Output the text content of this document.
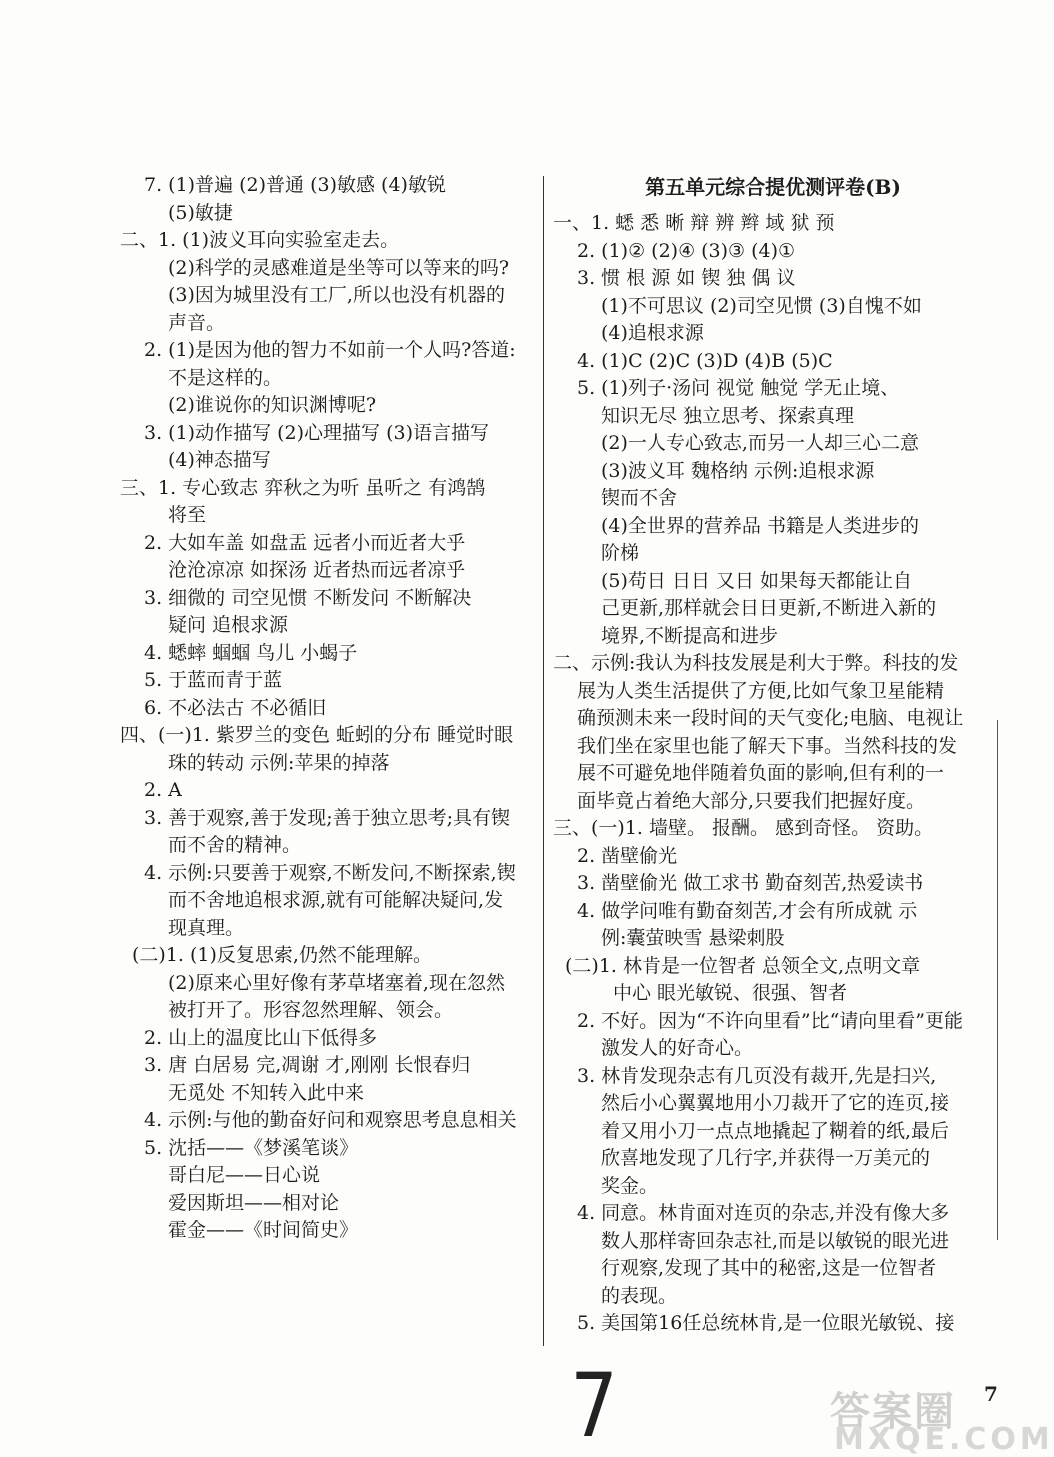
7. (1)普遍 (2)普通 (3)敏感 (4)敏锐
(5)敏捷
二、1. (1)波义耳向实验室走去。
(2)科学的灵感难道是坐等可以等来的吗?
(3)因为城里没有工厂,所以也没有机器的
声音。
2. (1)是因为他的智力不如前一个人吗?答道:
不是这样的。
(2)谁说你的知识渊博呢?
3. (1)动作描写 (2)心理描写 (3)语言描写
(4)神态描写
三、1. 专心致志 弈秋之为听 虽听之 有鸿鹄
将至
2. 大如车盖 如盘盂 远者小而近者大乎
沧沧凉凉 如探汤 近者热而远者凉乎
3. 细微的 司空见惯 不断发问 不断解决
疑问 追根求源
4. 蟋蟀 蝈蝈 鸟儿 小蝎子
5. 于蓝而青于蓝
6. 不必法古 不必循旧
四、(一)1. 紫罗兰的变色 蚯蚓的分布 睡觉时眼
珠的转动 示例:苹果的掉落
2. A
3. 善于观察,善于发现;善于独立思考;具有锲
而不舍的精神。
4. 示例:只要善于观察,不断发问,不断探索,锲
而不舍地追根求源,就有可能解决疑问,发
现真理。
(二)1. (1)反复思索,仍然不能理解。
(2)原来心里好像有茅草堵塞着,现在忽然
被打开了。形容忽然理解、领会。
2. 山上的温度比山下低得多
3. 唐 白居易 完,凋谢 才,刚刚 长恨春归
无觅处 不知转入此中来
4. 示例:与他的勤奋好问和观察思考息息相关
5. 沈括——《梦溪笔谈》
哥白尼——日心说
爱因斯坦——相对论
霍金——《时间简史》
第五单元综合提优测评卷(B)
一、1. 蟋 悉 晰 辩 辨 辫 域 狱 预
2. (1)② (2)④ (3)③ (4)①
3. 惯 根 源 如 锲 独 偶 议
(1)不可思议 (2)司空见惯 (3)自愧不如
(4)追根求源
4. (1)C (2)C (3)D (4)B (5)C
5. (1)列子·汤问 视觉 触觉 学无止境、
知识无尽 独立思考、探索真理
(2)一人专心致志,而另一人却三心二意
(3)波义耳 魏格纳 示例:追根求源
锲而不舍
(4)全世界的营养品 书籍是人类进步的
阶梯
(5)苟日 日日 又日 如果每天都能让自
己更新,那样就会日日更新,不断进入新的
境界,不断提高和进步
二、示例:我认为科技发展是利大于弊。科技的发
展为人类生活提供了方便,比如气象卫星能精
确预测未来一段时间的天气变化;电脑、电视让
我们坐在家里也能了解天下事。当然科技的发
展不可避免地伴随着负面的影响,但有利的一
面毕竟占着绝大部分,只要我们把握好度。
三、(一)1. 墙壁。 报酬。 感到奇怪。 资助。
2. 凿壁偷光
3. 凿壁偷光 做工求书 勤奋刻苦,热爱读书
4. 做学问唯有勤奋刻苦,才会有所成就 示
例:囊萤映雪 悬梁刺股
(二)1. 林肯是一位智者 总领全文,点明文章
中心 眼光敏锐、很强、智者
2. 不好。因为“不许向里看”比“请向里看”更能
激发人的好奇心。
3. 林肯发现杂志有几页没有裁开,先是扫兴,
然后小心翼翼地用小刀裁开了它的连页,接
着又用小刀一点点地撬起了糊着的纸,最后
欣喜地发现了几行字,并获得一万美元的
奖金。
4. 同意。林肯面对连页的杂志,并没有像大多
数人那样寄回杂志社,而是以敏锐的眼光进
行观察,发现了其中的秘密,这是一位智者
的表现。
5. 美国第16任总统林肯,是一位眼光敏锐、接
7	7
答案圈
MXQE.COM
